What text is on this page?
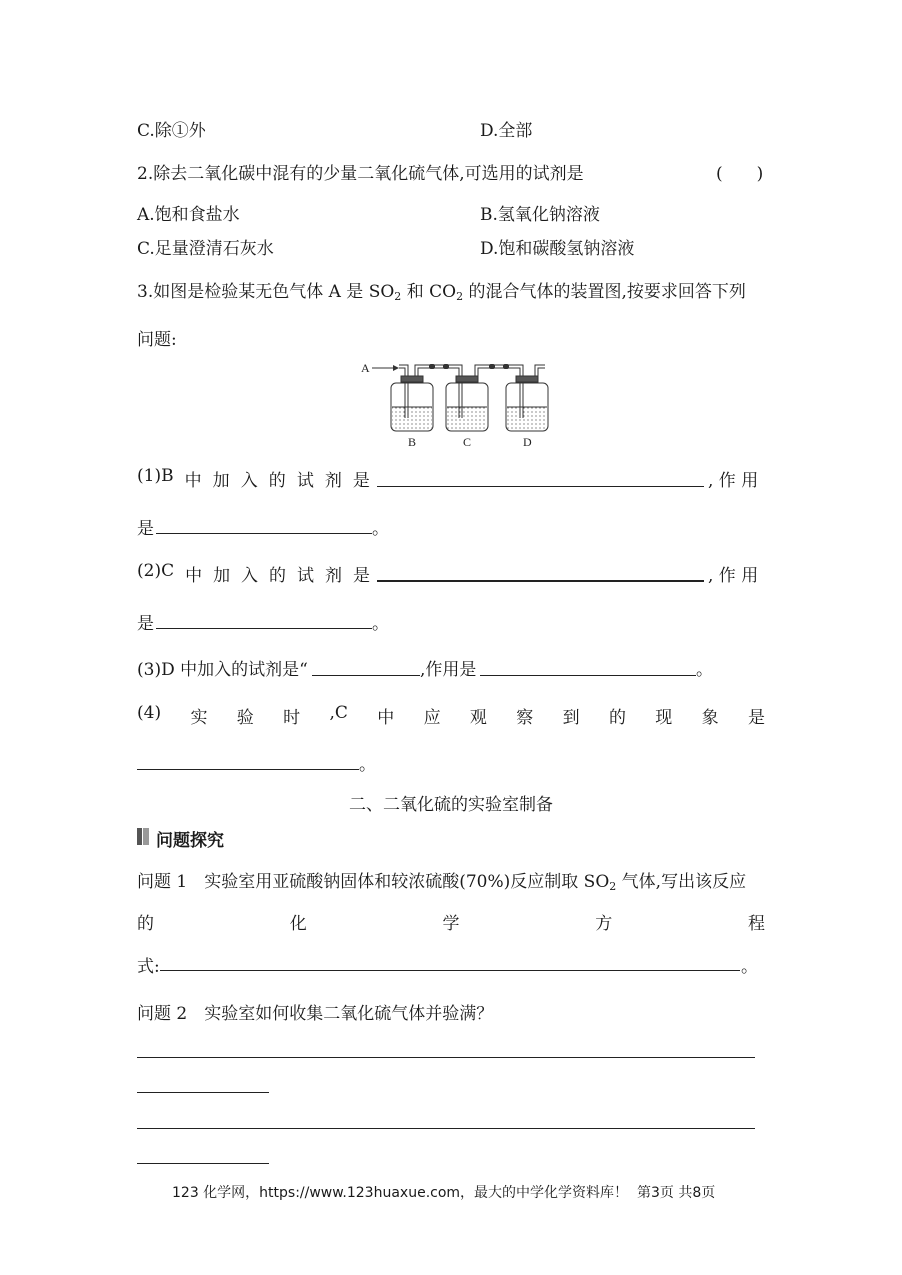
C.除①外	D.全部
2.除去二氧化碳中混有的少量二氧化硫气体,可选用的试剂是	(　　)
A.饱和食盐水	B.氢氧化钠溶液
C.足量澄清石灰水	D.饱和碳酸氢钠溶液
3.如图是检验某无色气体 A 是 $SO_2$ 和 $CO_2$ 的混合气体的装置图,按要求回答下列
问题:
A
B	C	D
(1)B 中 加 入 的 试 剂 是	, 作 用
是	。
(2)C 中 加 入 的 试 剂 是	, 作 用
是	。
(3)D 中加入的试剂是“	,作用是	。
(4) 实 验 时 ,C 中 应 观 察 到 的 现 象 是
。
二、二氧化硫的实验室制备
问题探究
问题 1　实验室用亚硫酸钠固体和较浓硫酸(70%)反应制取 $SO_2$ 气体,写出该反应
的	化	学	方	程
式:	。
问题 2　实验室如何收集二氧化硫气体并验满？
123 化学网，https://www.123huaxue.com，最大的中学化学资料库！ 第3页 共8页
